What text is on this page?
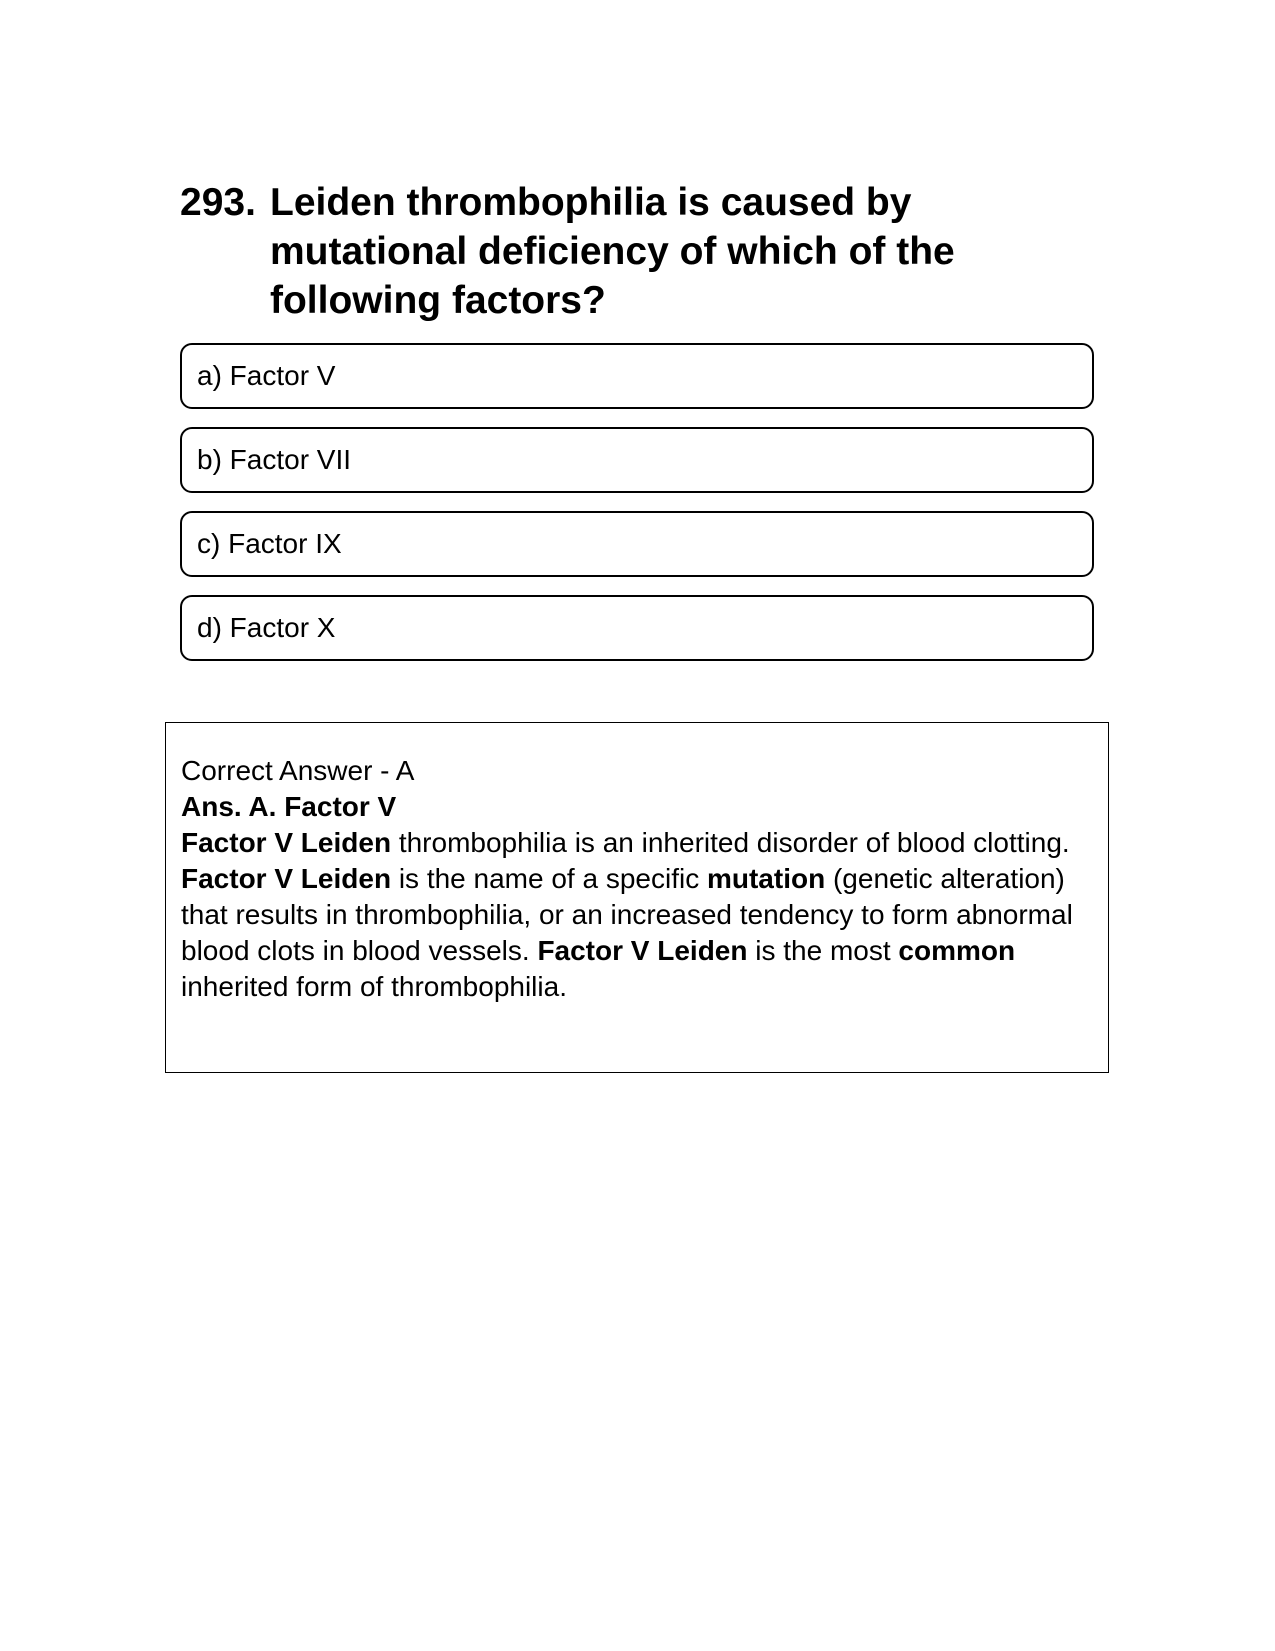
293. Leiden thrombophilia is caused by mutational deficiency of which of the following factors?
a) Factor V
b) Factor VII
c) Factor IX
d) Factor X

Correct Answer - A

Ans. A. Factor V

Factor V Leiden thrombophilia is an inherited disorder of blood clotting. Factor V Leiden is the name of a specific mutation (genetic alteration) that results in thrombophilia, or an increased tendency to form abnormal blood clots in blood vessels. Factor V Leiden is the most common inherited form of thrombophilia.
